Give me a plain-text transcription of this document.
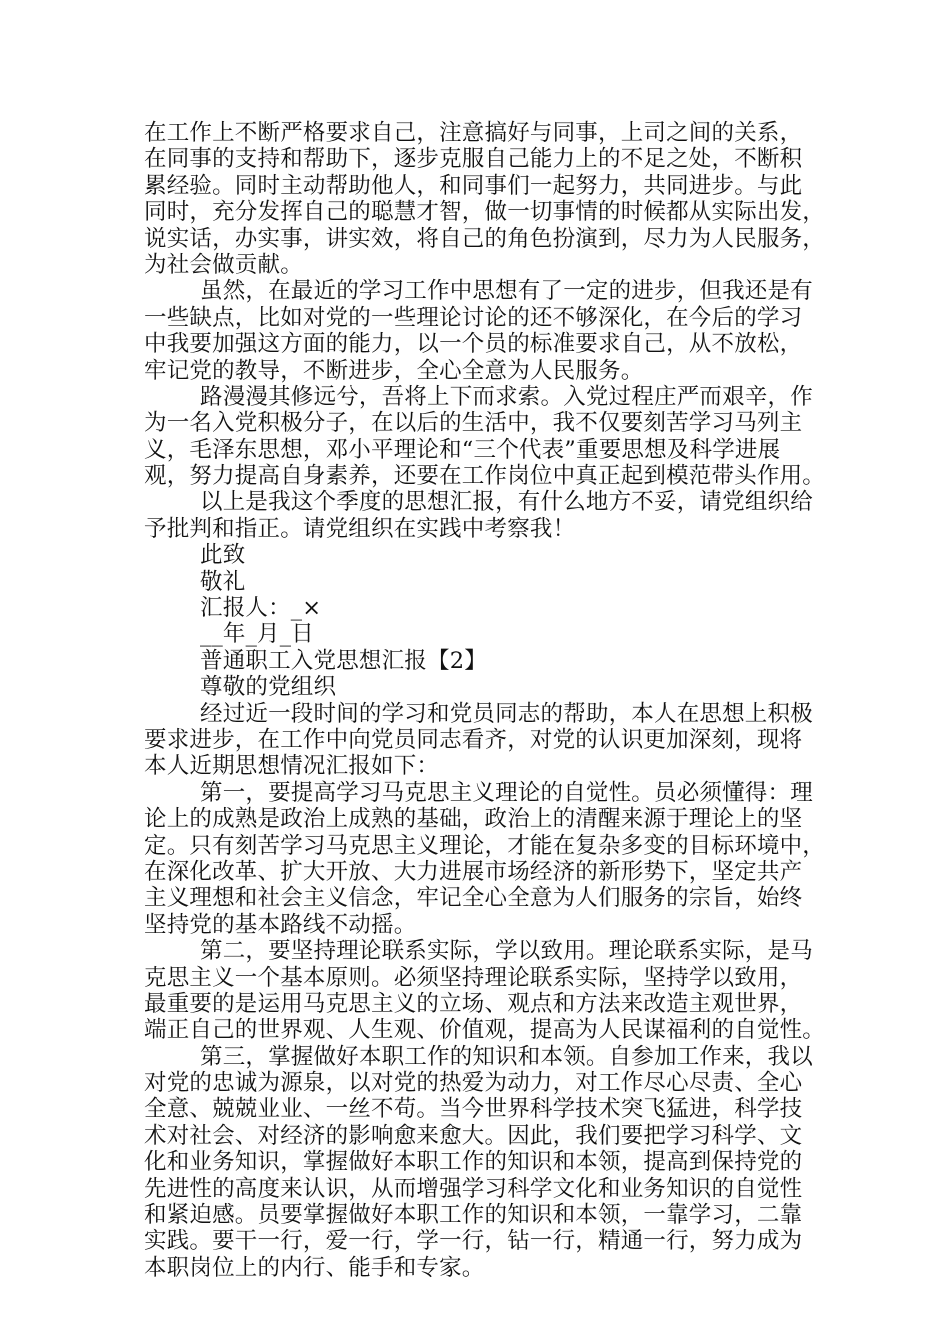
在工作上不断严格要求自己，注意搞好与同事，上司之间的关系，
在同事的支持和帮助下，逐步克服自己能力上的不足之处，不断积
累经验。同时主动帮助他人，和同事们一起努力，共同进步。与此
同时，充分发挥自己的聪慧才智，做一切事情的时候都从实际出发，
说实话，办实事，讲实效，将自己的角色扮演到，尽力为人民服务，
为社会做贡献。
虽然，在最近的学习工作中思想有了一定的进步，但我还是有
一些缺点，比如对党的一些理论讨论的还不够深化，在今后的学习
中我要加强这方面的能力，以一个员的标准要求自己，从不放松，
牢记党的教导，不断进步，全心全意为人民服务。
路漫漫其修远兮，吾将上下而求索。入党过程庄严而艰辛，作
为一名入党积极分子，在以后的生活中，我不仅要刻苦学习马列主
义，毛泽东思想，邓小平理论和“三个代表”重要思想及科学进展
观，努力提高自身素养，还要在工作岗位中真正起到模范带头作用。
以上是我这个季度的思想汇报，有什么地方不妥，请党组织给
予批判和指正。请党组织在实践中考察我！
此致
敬礼
汇报人：_×
__年_月_日
普通职工入党思想汇报【2】
尊敬的党组织
经过近一段时间的学习和党员同志的帮助，本人在思想上积极
要求进步，在工作中向党员同志看齐，对党的认识更加深刻，现将
本人近期思想情况汇报如下：
第一，要提高学习马克思主义理论的自觉性。员必须懂得：理
论上的成熟是政治上成熟的基础，政治上的清醒来源于理论上的坚
定。只有刻苦学习马克思主义理论，才能在复杂多变的目标环境中，
在深化改革、扩大开放、大力进展市场经济的新形势下，坚定共产
主义理想和社会主义信念，牢记全心全意为人们服务的宗旨，始终
坚持党的基本路线不动摇。
第二，要坚持理论联系实际，学以致用。理论联系实际，是马
克思主义一个基本原则。必须坚持理论联系实际，坚持学以致用，
最重要的是运用马克思主义的立场、观点和方法来改造主观世界，
端正自己的世界观、人生观、价值观，提高为人民谋福利的自觉性。
第三，掌握做好本职工作的知识和本领。自参加工作来，我以
对党的忠诚为源泉，以对党的热爱为动力，对工作尽心尽责、全心
全意、兢兢业业、一丝不苟。当今世界科学技术突飞猛进，科学技
术对社会、对经济的影响愈来愈大。因此，我们要把学习科学、文
化和业务知识，掌握做好本职工作的知识和本领，提高到保持党的
先进性的高度来认识，从而增强学习科学文化和业务知识的自觉性
和紧迫感。员要掌握做好本职工作的知识和本领，一靠学习，二靠
实践。要干一行，爱一行，学一行，钻一行，精通一行，努力成为
本职岗位上的内行、能手和专家。
